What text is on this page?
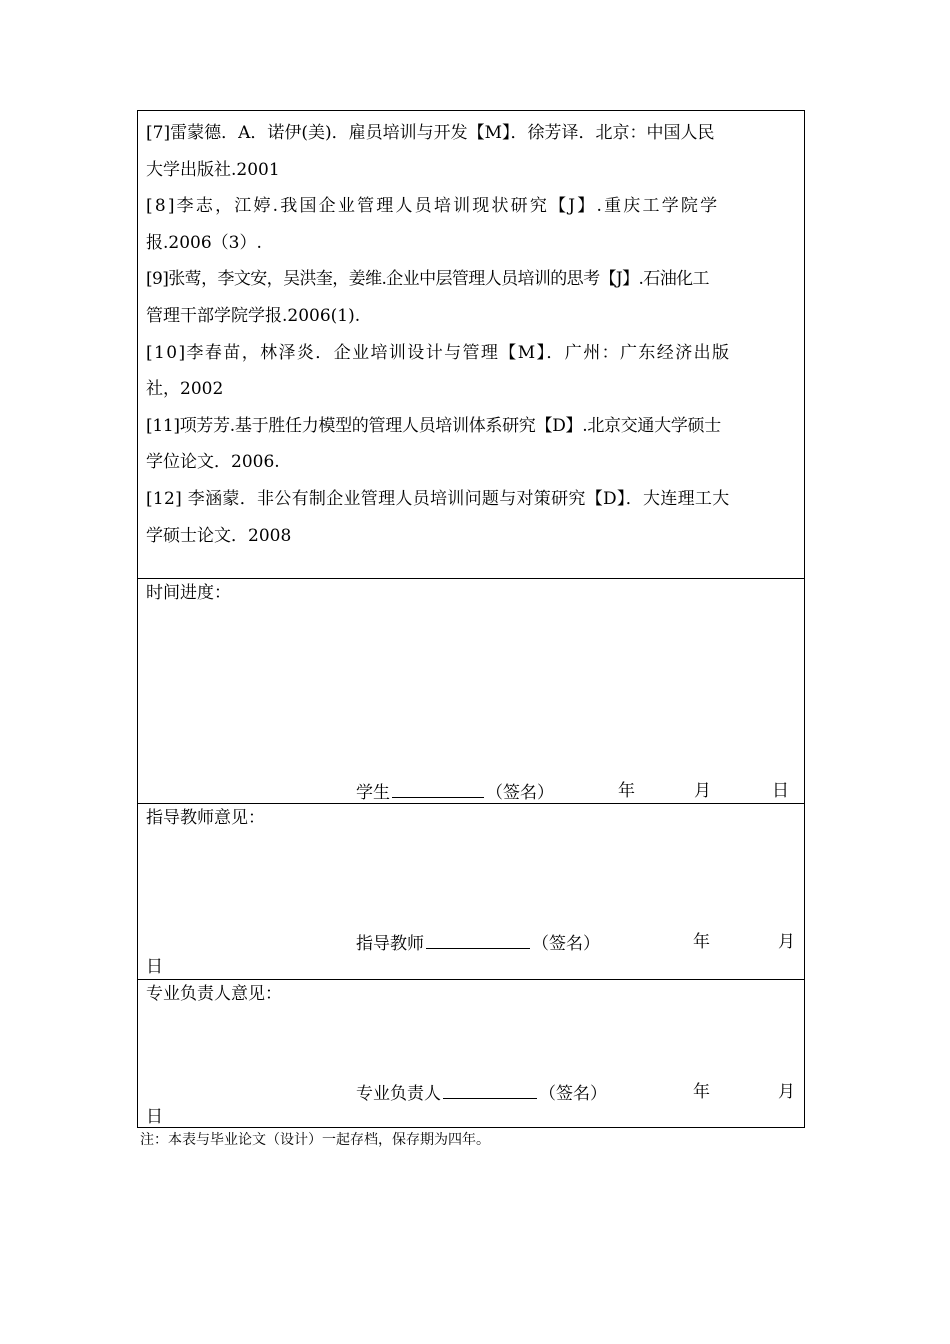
[7]雷蒙德．A．诺伊(美)．雇员培训与开发【M】．徐芳译．北京：中国人民
大学出版社.2001
[8]李志，江婷.我国企业管理人员培训现状研究【J】.重庆工学院学
报.2006（3）.
[9]张莺，李文安，吴洪奎，姜维.企业中层管理人员培训的思考【J】.石油化工
管理干部学院学报.2006(1).
[10]李春苗，林泽炎．企业培训设计与管理【M】．广州：广东经济出版
社，2002
[11]项芳芳.基于胜任力模型的管理人员培训体系研究【D】.北京交通大学硕士
学位论文．2006.
[12] 李涵蒙．非公有制企业管理人员培训问题与对策研究【D】．大连理工大
学硕士论文．2008
时间进度：
学生	（签名）	年	月	日
指导教师意见：
指导教师	（签名）	年	月
日
专业负责人意见：
专业负责人	（签名）	年	月
日
注：本表与毕业论文（设计）一起存档，保存期为四年。
